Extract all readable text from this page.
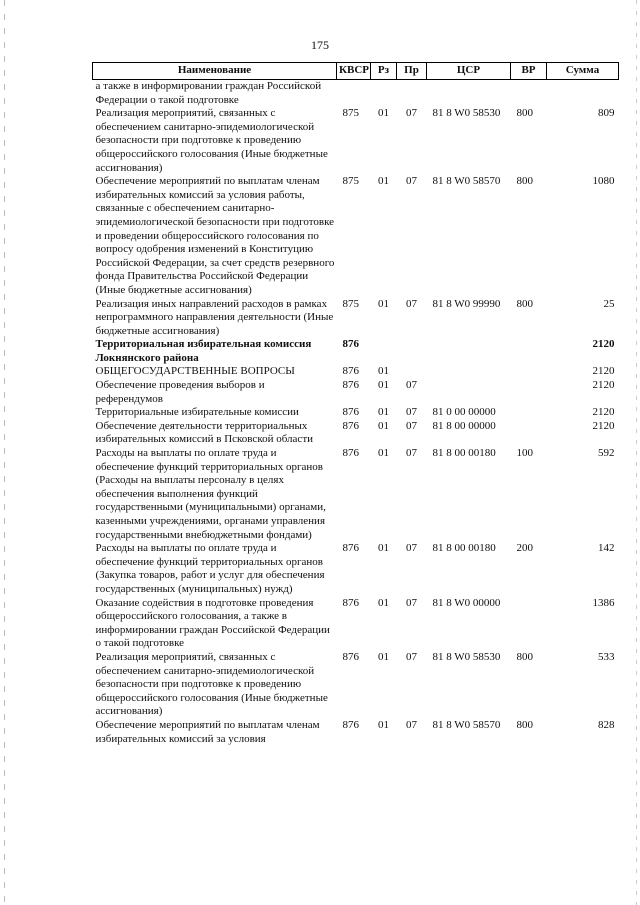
175
Наименование	КВСР	Рз	Пр	ЦСР	ВР	Сумма
а также в информировании граждан Российской Федерации о такой подготовке						
Реализация мероприятий, связанных с обеспечением санитарно-эпидемиологической безопасности при подготовке к проведению общероссийского голосования (Иные бюджетные ассигнования)	875	01	07	81 8 W0 58530	800	809
Обеспечение мероприятий по выплатам членам избирательных комиссий за условия работы, связанные с обеспечением санитарно-эпидемиологической безопасности при подготовке и проведении общероссийского голосования по вопросу одобрения изменений в Конституцию Российской Федерации, за счет средств резервного фонда Правительства Российской Федерации (Иные бюджетные ассигнования)	875	01	07	81 8 W0 58570	800	1080
Реализация иных направлений расходов в рамках непрограммного направления деятельности (Иные бюджетные ассигнования)	875	01	07	81 8 W0 99990	800	25
Территориальная избирательная комиссия Локнянского района	876					2120
ОБЩЕГОСУДАРСТВЕННЫЕ ВОПРОСЫ	876	01				2120
Обеспечение проведения выборов и референдумов	876	01	07			2120
Территориальные избирательные комиссии	876	01	07	81 0 00 00000		2120
Обеспечение деятельности территориальных избирательных комиссий в Псковской области	876	01	07	81 8 00 00000		2120
Расходы на выплаты по оплате труда и обеспечение функций территориальных органов (Расходы на выплаты персоналу в целях обеспечения выполнения функций государственными (муниципальными) органами, казенными учреждениями, органами управления государственными внебюджетными фондами)	876	01	07	81 8 00 00180	100	592
Расходы на выплаты по оплате труда и обеспечение функций территориальных органов (Закупка товаров, работ и услуг для обеспечения государственных (муниципальных) нужд)	876	01	07	81 8 00 00180	200	142
Оказание содействия в подготовке проведения общероссийского голосования, а также в информировании граждан Российской Федерации о такой подготовке	876	01	07	81 8 W0 00000		1386
Реализация мероприятий, связанных с обеспечением санитарно-эпидемиологической безопасности при подготовке к проведению общероссийского голосования (Иные бюджетные ассигнования)	876	01	07	81 8 W0 58530	800	533
Обеспечение мероприятий по выплатам членам избирательных комиссий за условия	876	01	07	81 8 W0 58570	800	828
